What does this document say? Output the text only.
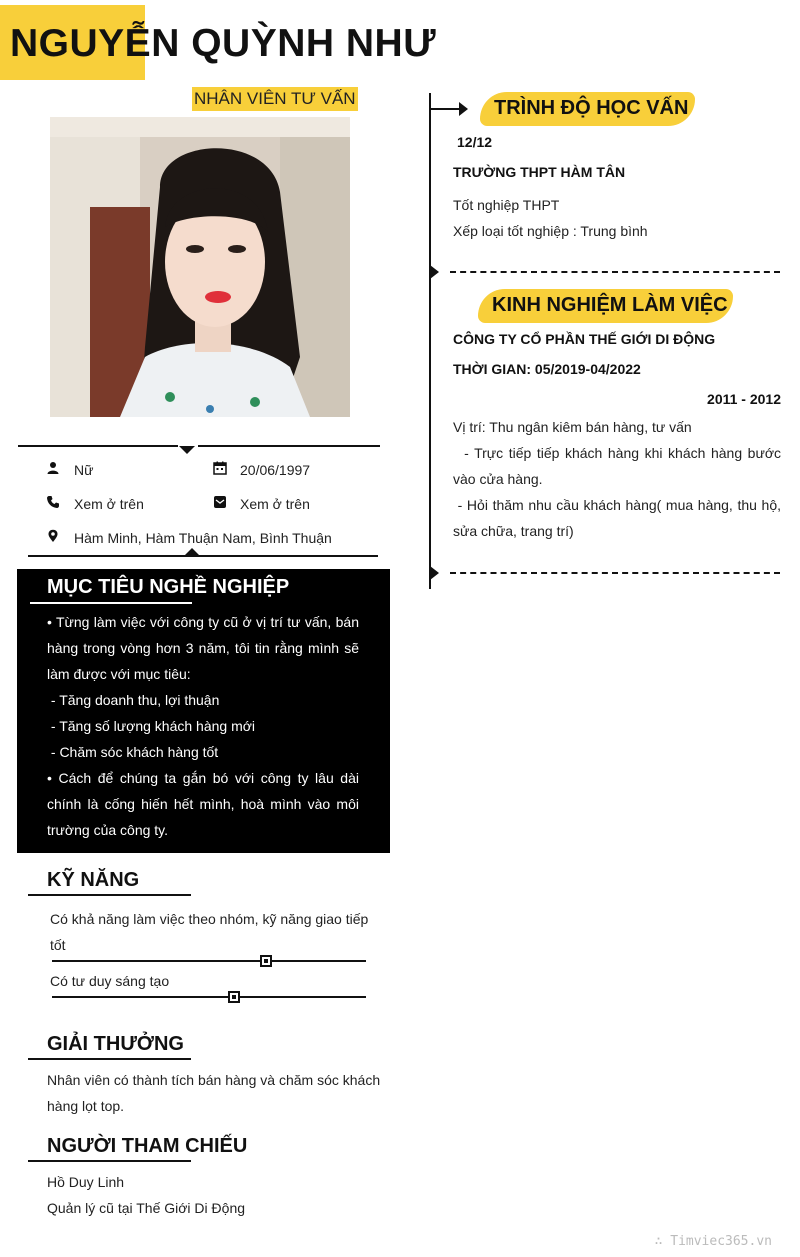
NGUYỄN QUỲNH NHƯ
NHÂN VIÊN TƯ VẤN
Nữ	20/06/1997
Xem ở trên	Xem ở trên
Hàm Minh, Hàm Thuận Nam, Bình Thuận
MỤC TIÊU NGHỀ NGHIỆP

• Từng làm việc với công ty cũ ở vị trí tư vấn, bán hàng trong vòng hơn 3 năm, tôi tin rằng mình sẽ làm được với mục tiêu:

- Tăng doanh thu, lợi thuận

- Tăng số lượng khách hàng mới

- Chăm sóc khách hàng tốt

• Cách để chúng ta gắn bó với công ty lâu dài chính là cống hiến hết mình, hoà mình vào môi trường của công ty.

KỸ NĂNG
Có khả năng làm việc theo nhóm, kỹ năng giao tiếp tốt
Có tư duy sáng tạo
GIẢI THƯỞNG
Nhân viên có thành tích bán hàng và chăm sóc khách hàng lọt top.
NGƯỜI THAM CHIẾU
Hồ Duy Linh
Quản lý cũ tại Thế Giới Di Động
TRÌNH ĐỘ HỌC VẤN
12/12
TRƯỜNG THPT HÀM TÂN
Tốt nghiệp THPT
Xếp loại tốt nghiệp : Trung bình
KINH NGHIỆM LÀM VIỆC
CÔNG TY CỔ PHẦN THẾ GIỚI DI ĐỘNG
THỜI GIAN: 05/2019-04/2022
2011 - 2012
Vị trí: Thu ngân kiêm bán hàng, tư vấn
- Trực tiếp tiếp khách hàng khi khách hàng bước vào cửa hàng.
- Hỏi thăm nhu cầu khách hàng( mua hàng, thu hộ, sửa chữa, trang trí)
∴ Timviec365.vn
